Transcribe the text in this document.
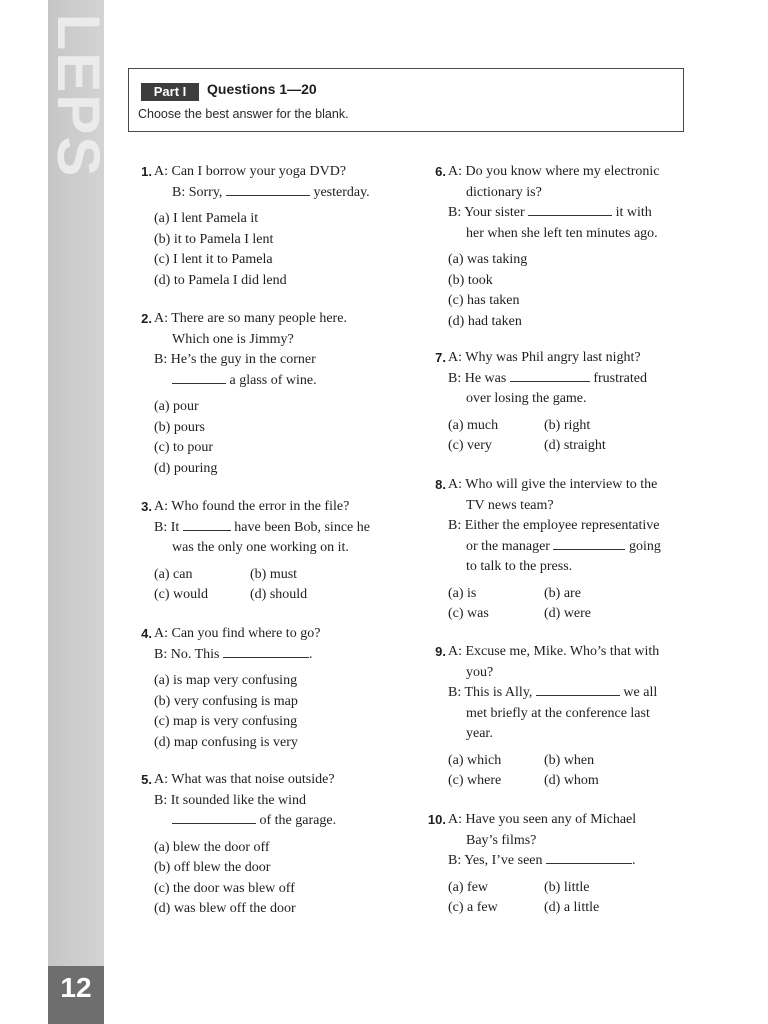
LEPS
12
Part I	Questions 1—20
Choose the best answer for the blank.
1. A: Can I borrow your yoga DVD?
B: Sorry,	yesterday.
(a) I lent Pamela it
(b) it to Pamela I lent
(c) I lent it to Pamela
(d) to Pamela I did lend
2. A: There are so many people here.
Which one is Jimmy?
B: He’s the guy in the corner
a glass of wine.
(a) pour
(b) pours
(c) to pour
(d) pouring
3. A: Who found the error in the file?
B: It	have been Bob, since he
was the only one working on it.
(a) can	(b) must
(c) would	(d) should
4. A: Can you find where to go?
B: No. This	.
(a) is map very confusing
(b) very confusing is map
(c) map is very confusing
(d) map confusing is very
5. A: What was that noise outside?
B: It sounded like the wind
of the garage.
(a) blew the door off
(b) off blew the door
(c) the door was blew off
(d) was blew off the door
6. A: Do you know where my electronic
dictionary is?
B: Your sister	it with
her when she left ten minutes ago.
(a) was taking
(b) took
(c) has taken
(d) had taken
7. A: Why was Phil angry last night?
B: He was	frustrated
over losing the game.
(a) much	(b) right
(c) very	(d) straight
8. A: Who will give the interview to the
TV news team?
B: Either the employee representative
or the manager	going
to talk to the press.
(a) is	(b) are
(c) was	(d) were
9. A: Excuse me, Mike. Who’s that with
you?
B: This is Ally,	we all
met briefly at the conference last
year.
(a) which	(b) when
(c) where	(d) whom
10. A: Have you seen any of Michael
Bay’s films?
B: Yes, I’ve seen	.
(a) few	(b) little
(c) a few	(d) a little
